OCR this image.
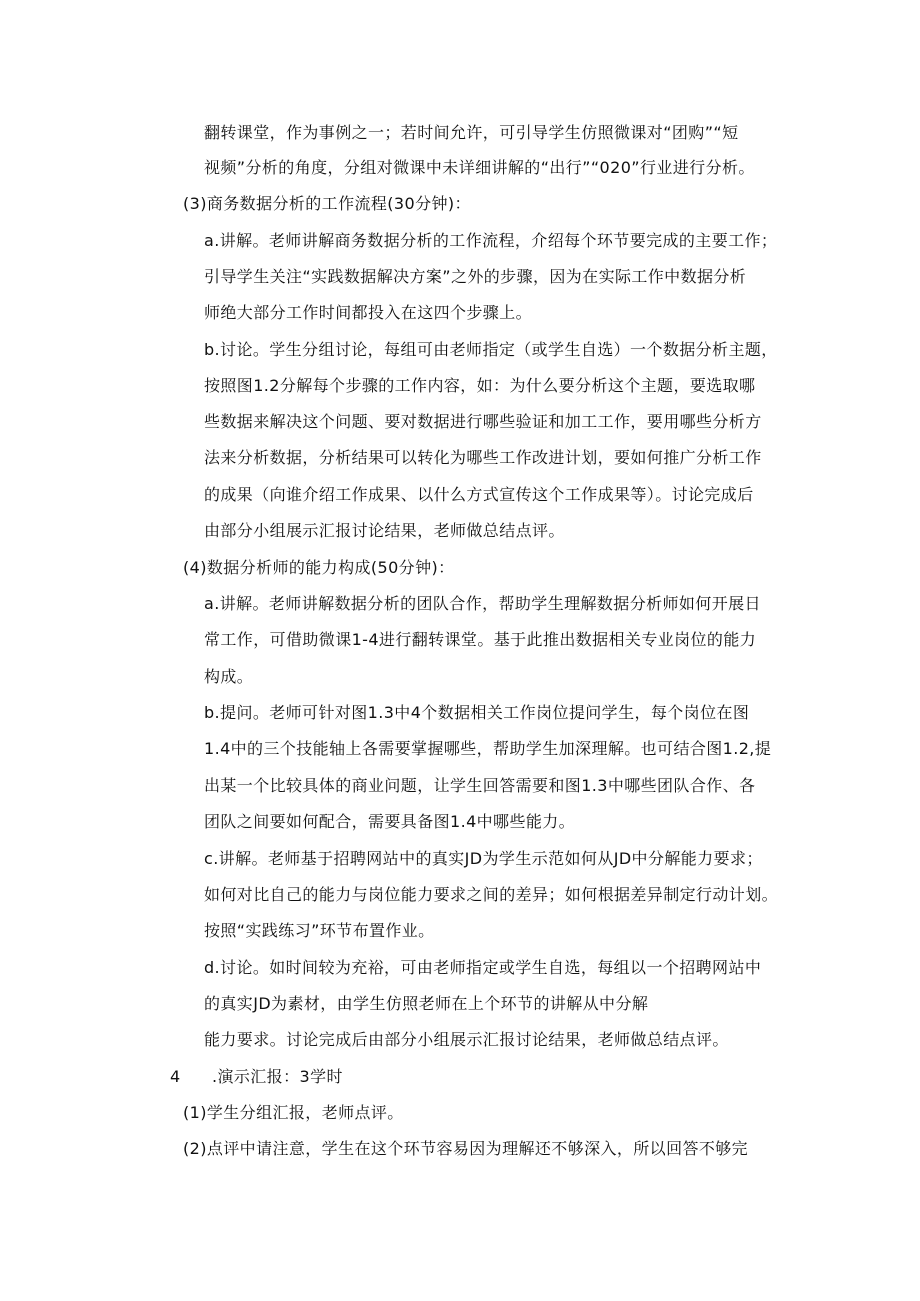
翻转课堂，作为事例之一；若时间允许，可引导学生仿照微课对“团购”“短
视频”分析的角度，分组对微课中未详细讲解的“出行”“020”行业进行分析。
(3)商务数据分析的工作流程(30分钟)：
a.讲解。老师讲解商务数据分析的工作流程，介绍每个环节要完成的主要工作；
引导学生关注“实践数据解决方案”之外的步骤，因为在实际工作中数据分析
师绝大部分工作时间都投入在这四个步骤上。
b.讨论。学生分组讨论，每组可由老师指定（或学生自选）一个数据分析主题，
按照图1.2分解每个步骤的工作内容，如：为什么要分析这个主题，要选取哪
些数据来解决这个问题、要对数据进行哪些验证和加工工作，要用哪些分析方
法来分析数据，分析结果可以转化为哪些工作改进计划，要如何推广分析工作
的成果（向谁介绍工作成果、以什么方式宣传这个工作成果等）。讨论完成后
由部分小组展示汇报讨论结果，老师做总结点评。
(4)数据分析师的能力构成(50分钟)：
a.讲解。老师讲解数据分析的团队合作，帮助学生理解数据分析师如何开展日
常工作，可借助微课1-4进行翻转课堂。基于此推出数据相关专业岗位的能力
构成。
b.提问。老师可针对图1.3中4个数据相关工作岗位提问学生，每个岗位在图
1.4中的三个技能轴上各需要掌握哪些，帮助学生加深理解。也可结合图1.2,提
出某一个比较具体的商业问题，让学生回答需要和图1.3中哪些团队合作、各
团队之间要如何配合，需要具备图1.4中哪些能力。
c.讲解。老师基于招聘网站中的真实JD为学生示范如何从JD中分解能力要求；
如何对比自己的能力与岗位能力要求之间的差异；如何根据差异制定行动计划。
按照“实践练习”环节布置作业。
d.讨论。如时间较为充裕，可由老师指定或学生自选，每组以一个招聘网站中
的真实JD为素材，由学生仿照老师在上个环节的讲解从中分解
能力要求。讨论完成后由部分小组展示汇报讨论结果，老师做总结点评。
4 .演示汇报：3学时
(1)学生分组汇报，老师点评。
(2)点评中请注意，学生在这个环节容易因为理解还不够深入，所以回答不够完
